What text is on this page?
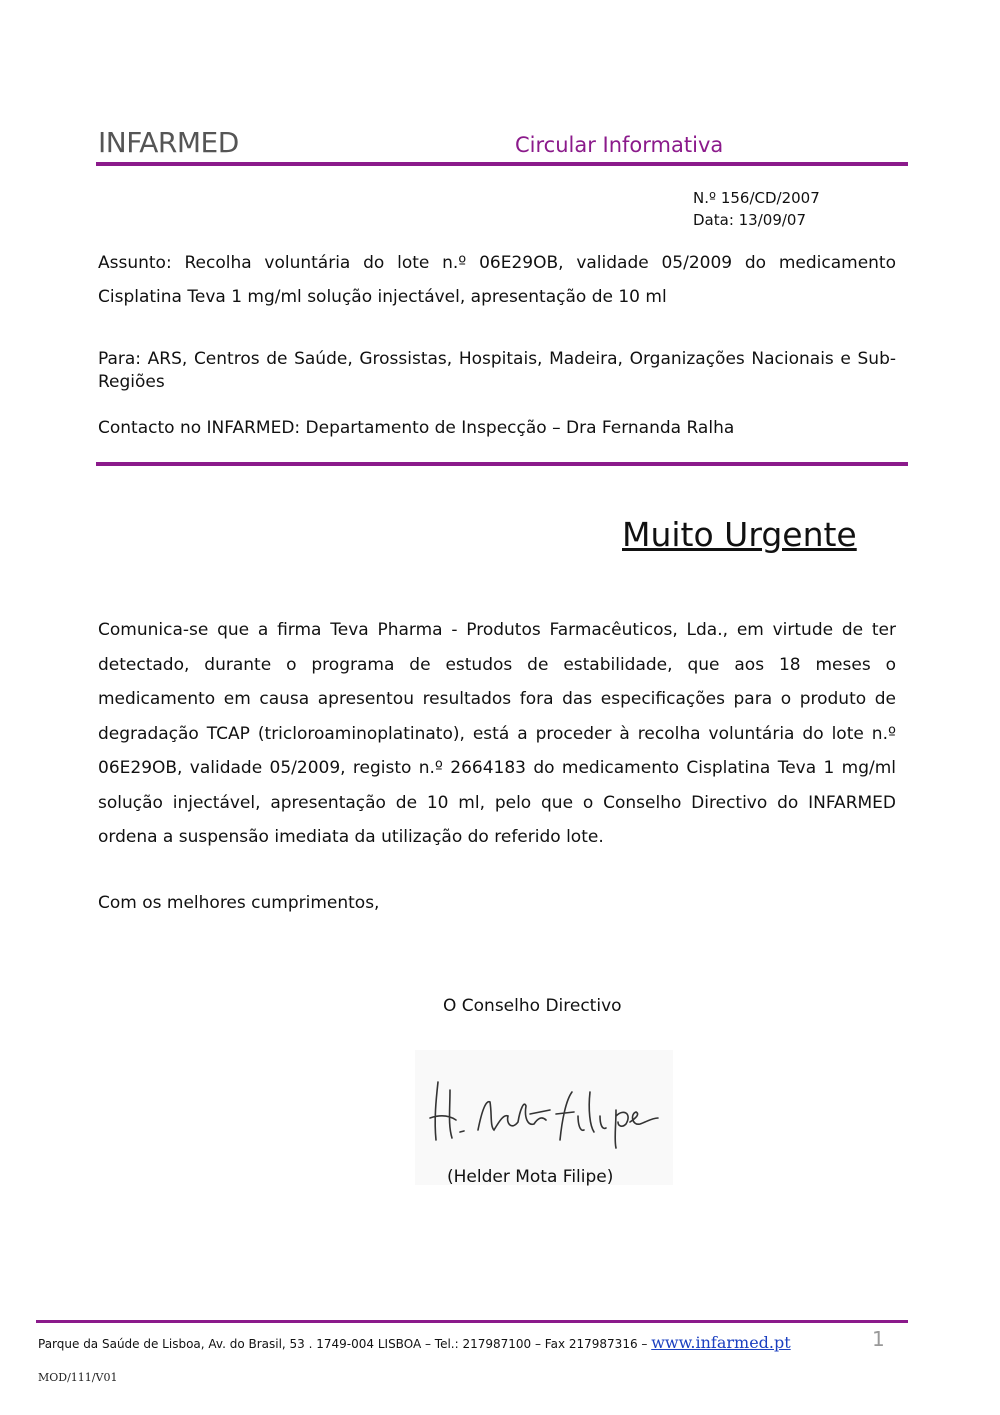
INFARMED	Circular Informativa
N.º 156/CD/2007
Data: 13/09/07
Assunto: Recolha voluntária do lote n.º 06E29OB, validade 05/2009 do medicamento Cisplatina Teva 1 mg/ml solução injectável, apresentação de 10 ml
Para: ARS, Centros de Saúde, Grossistas, Hospitais, Madeira, Organizações Nacionais e Sub-Regiões
Contacto no INFARMED: Departamento de Inspecção – Dra Fernanda Ralha
Muito Urgente
Comunica-se que a firma Teva Pharma - Produtos Farmacêuticos, Lda., em virtude de ter detectado, durante o programa de estudos de estabilidade, que aos 18 meses o medicamento em causa apresentou resultados fora das especificações para o produto de degradação TCAP (tricloroaminoplatinato), está a proceder à recolha voluntária do lote n.º 06E29OB, validade 05/2009, registo n.º 2664183 do medicamento Cisplatina Teva 1 mg/ml solução injectável, apresentação de 10 ml, pelo que o Conselho Directivo do INFARMED ordena a suspensão imediata da utilização do referido lote.
Com os melhores cumprimentos,
O Conselho Directivo
(Helder Mota Filipe)
Parque da Saúde de Lisboa, Av. do Brasil, 53 . 1749-004 LISBOA – Tel.: 217987100 – Fax 217987316 – www.infarmed.pt	1
MOD/111/V01
